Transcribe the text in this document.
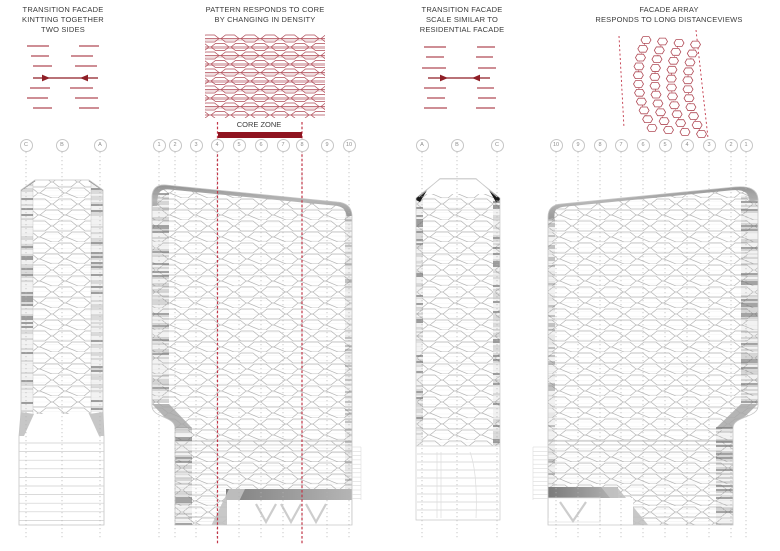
TRANSITION FACADE
KINTTING TOGETHER
TWO SIDES
PATTERN RESPONDS TO CORE
BY CHANGING IN DENSITY
TRANSITION FACADE
SCALE SIMILAR TO
RESIDENTIAL FACADE
FACADE ARRAY
RESPONDS TO LONG DISTANCEVIEWS
CORE ZONE
C	B	A	1	2	3	4	5	6	7	8	9	10	A	B	C	10	9	8	7	6	5	4	3	2	1
